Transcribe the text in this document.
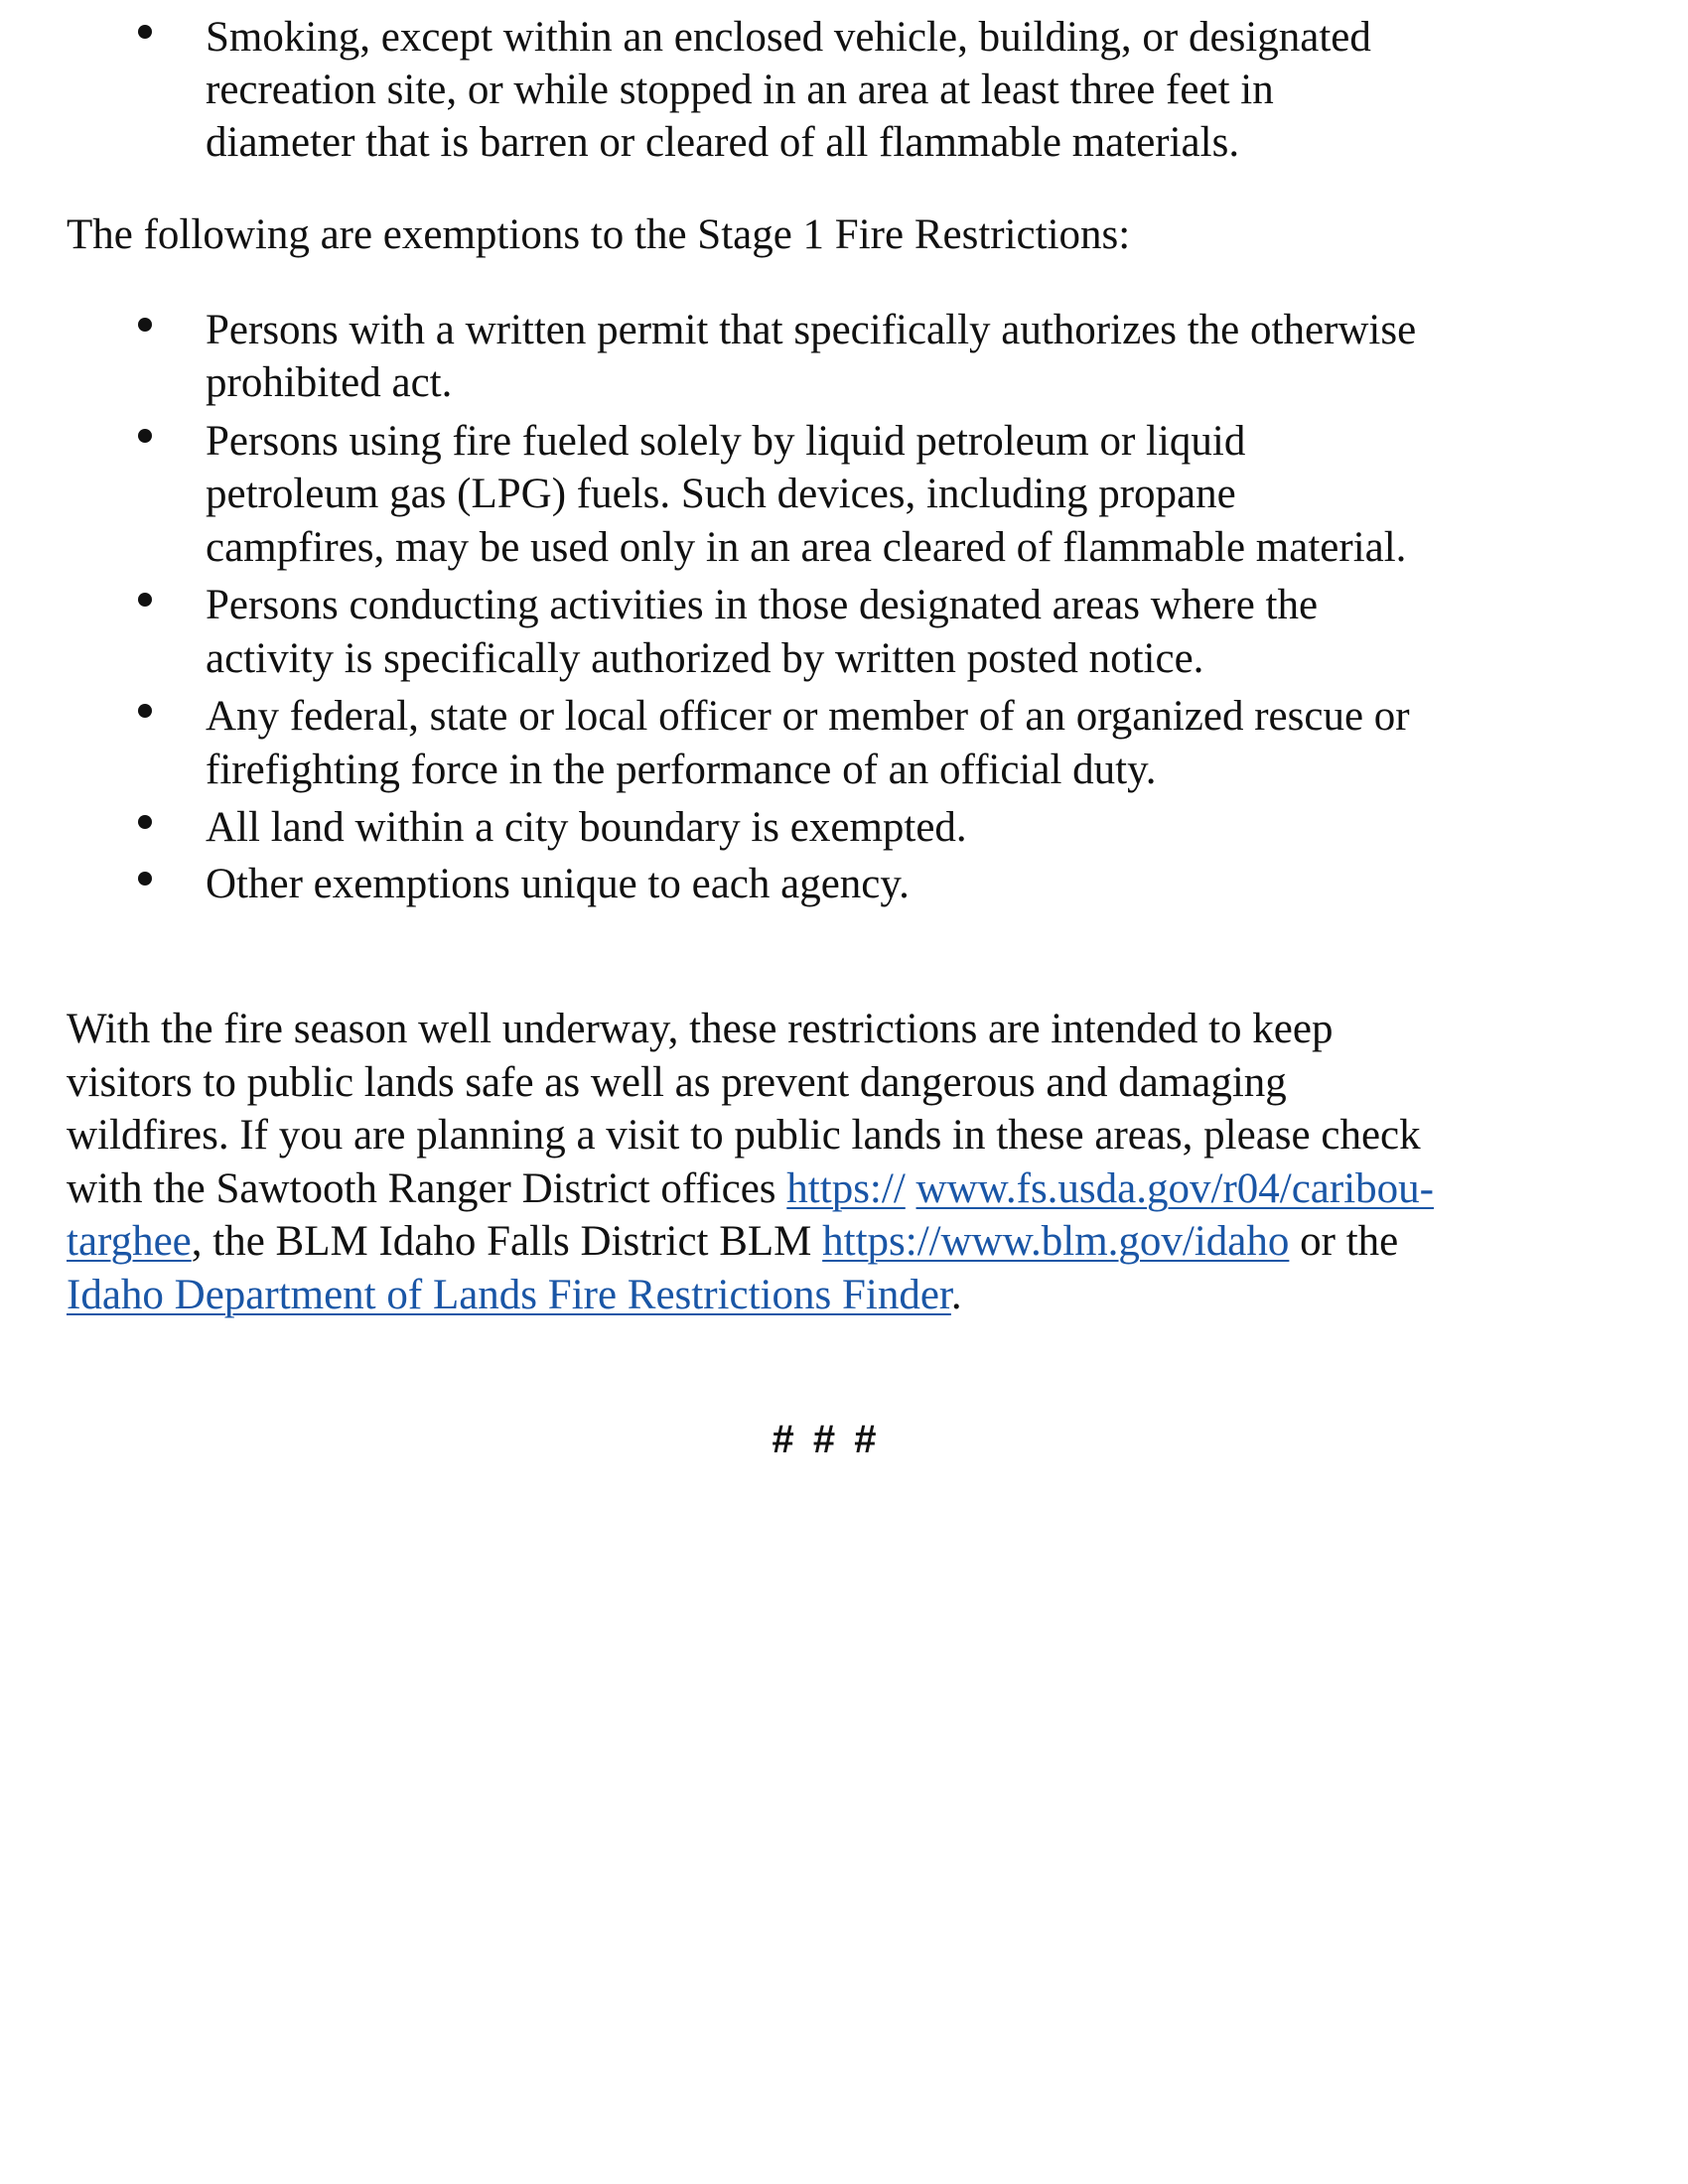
Smoking, except within an enclosed vehicle, building, or designated
recreation site, or while stopped in an area at least three feet in
diameter that is barren or cleared of all flammable materials.
The following are exemptions to the Stage 1 Fire Restrictions:
Persons with a written permit that specifically authorizes the otherwise
prohibited act.
Persons using fire fueled solely by liquid petroleum or liquid
petroleum gas (LPG) fuels. Such devices, including propane
campfires, may be used only in an area cleared of flammable material.
Persons conducting activities in those designated areas where the
activity is specifically authorized by written posted notice.
Any federal, state or local officer or member of an organized rescue or
firefighting force in the performance of an official duty.
All land within a city boundary is exempted.
Other exemptions unique to each agency.
With the fire season well underway, these restrictions are intended to keep
visitors to public lands safe as well as prevent dangerous and damaging
wildfires. If you are planning a visit to public lands in these areas, please check
with the Sawtooth Ranger District offices https:// www.fs.usda.gov/r04/caribou-
targhee, the BLM Idaho Falls District BLM https://www.blm.gov/idaho or the
Idaho Department of Lands Fire Restrictions Finder.
# # #
